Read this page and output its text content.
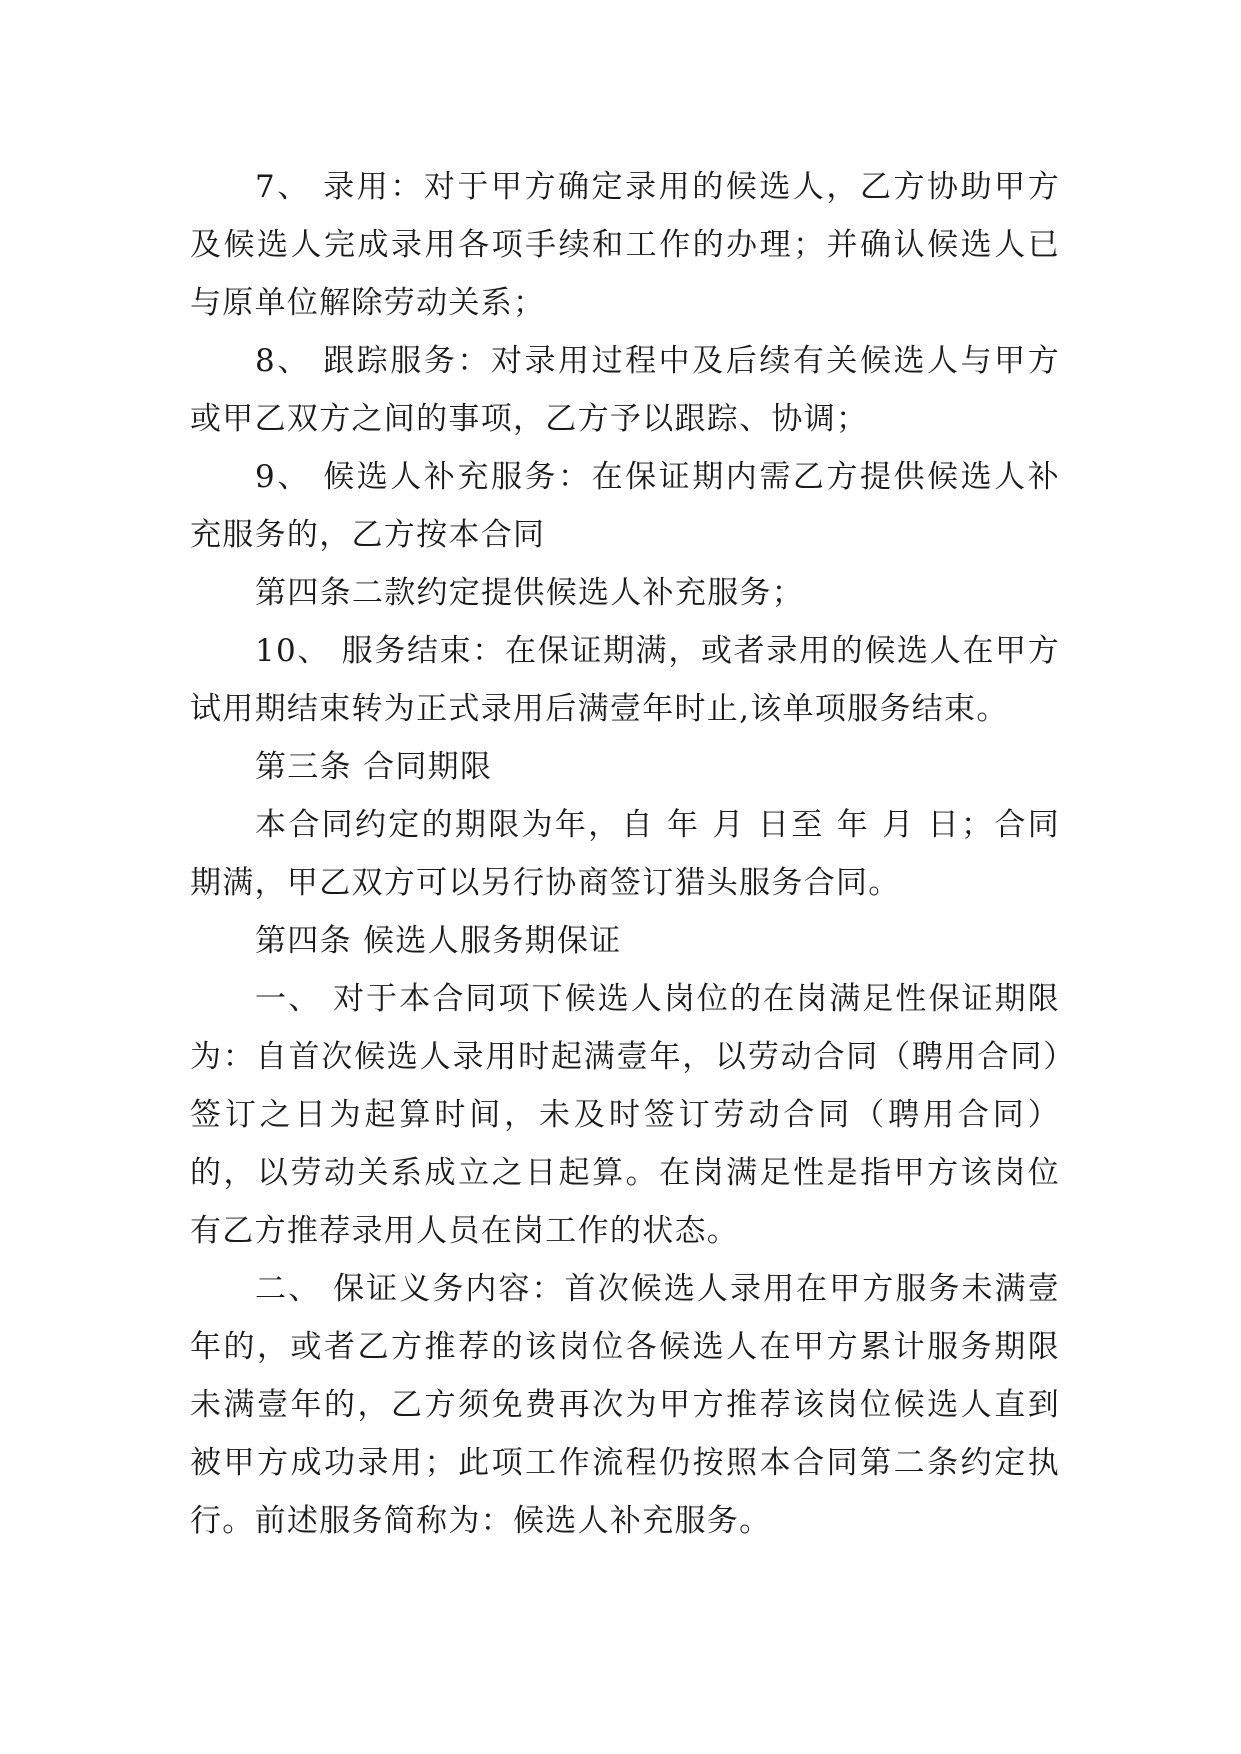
7、 录用：对于甲方确定录用的候选人，乙方协助甲方及候选人完成录用各项手续和工作的办理；并确认候选人已与原单位解除劳动关系；

8、 跟踪服务：对录用过程中及后续有关候选人与甲方或甲乙双方之间的事项，乙方予以跟踪、协调；

9、 候选人补充服务：在保证期内需乙方提供候选人补充服务的，乙方按本合同

第四条二款约定提供候选人补充服务；

10、 服务结束：在保证期满，或者录用的候选人在甲方试用期结束转为正式录用后满壹年时止,该单项服务结束。

第三条 合同期限

本合同约定的期限为年，自 年 月 日至 年 月 日；合同期满，甲乙双方可以另行协商签订猎头服务合同。

第四条 候选人服务期保证

一、 对于本合同项下候选人岗位的在岗满足性保证期限为：自首次候选人录用时起满壹年，以劳动合同（聘用合同）签订之日为起算时间，未及时签订劳动合同（聘用合同）的，以劳动关系成立之日起算。在岗满足性是指甲方该岗位有乙方推荐录用人员在岗工作的状态。

二、 保证义务内容：首次候选人录用在甲方服务未满壹年的，或者乙方推荐的该岗位各候选人在甲方累计服务期限未满壹年的，乙方须免费再次为甲方推荐该岗位候选人直到被甲方成功录用；此项工作流程仍按照本合同第二条约定执行。前述服务简称为：候选人补充服务。
